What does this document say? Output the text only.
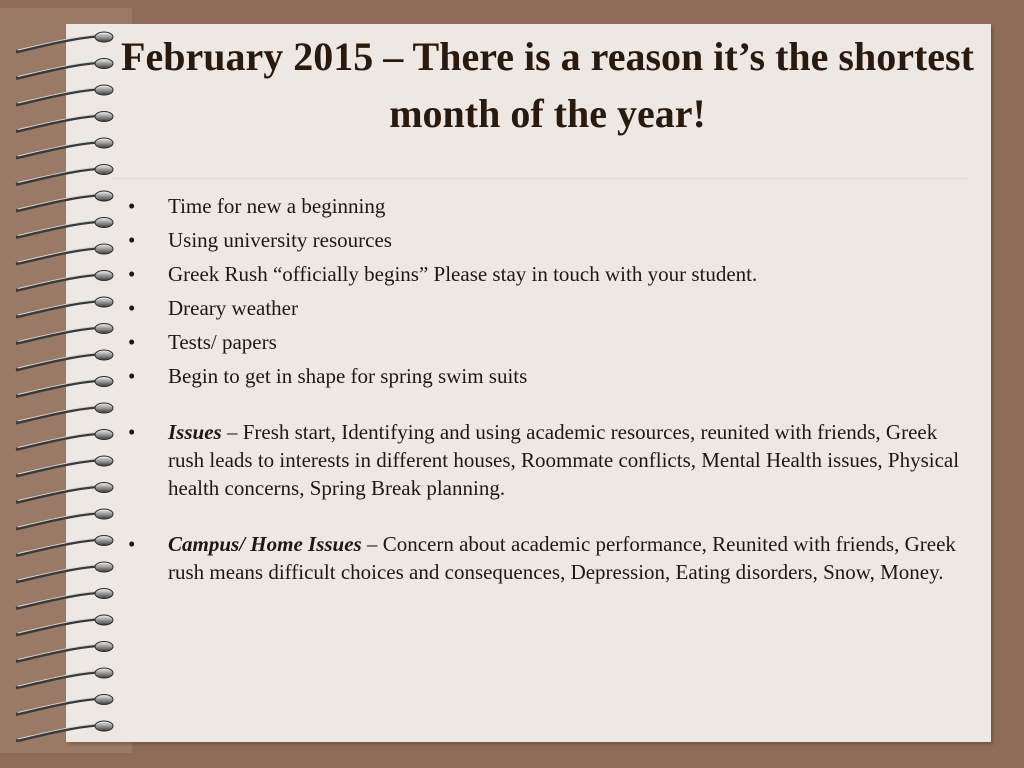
February 2015 – There is a reason it’s the shortest month of the year!
• Time for new a beginning
• Using university resources
• Greek Rush “officially begins” Please stay in touch with your student.
• Dreary weather
• Tests/ papers
• Begin to get in shape for spring swim suits
• Issues – Fresh start, Identifying and using academic resources, reunited with friends, Greek rush leads to interests in different houses, Roommate conflicts, Mental Health issues, Physical health concerns, Spring Break planning.
• Campus/ Home Issues – Concern about academic performance, Reunited with friends, Greek rush means difficult choices and consequences, Depression, Eating disorders, Snow, Money.
